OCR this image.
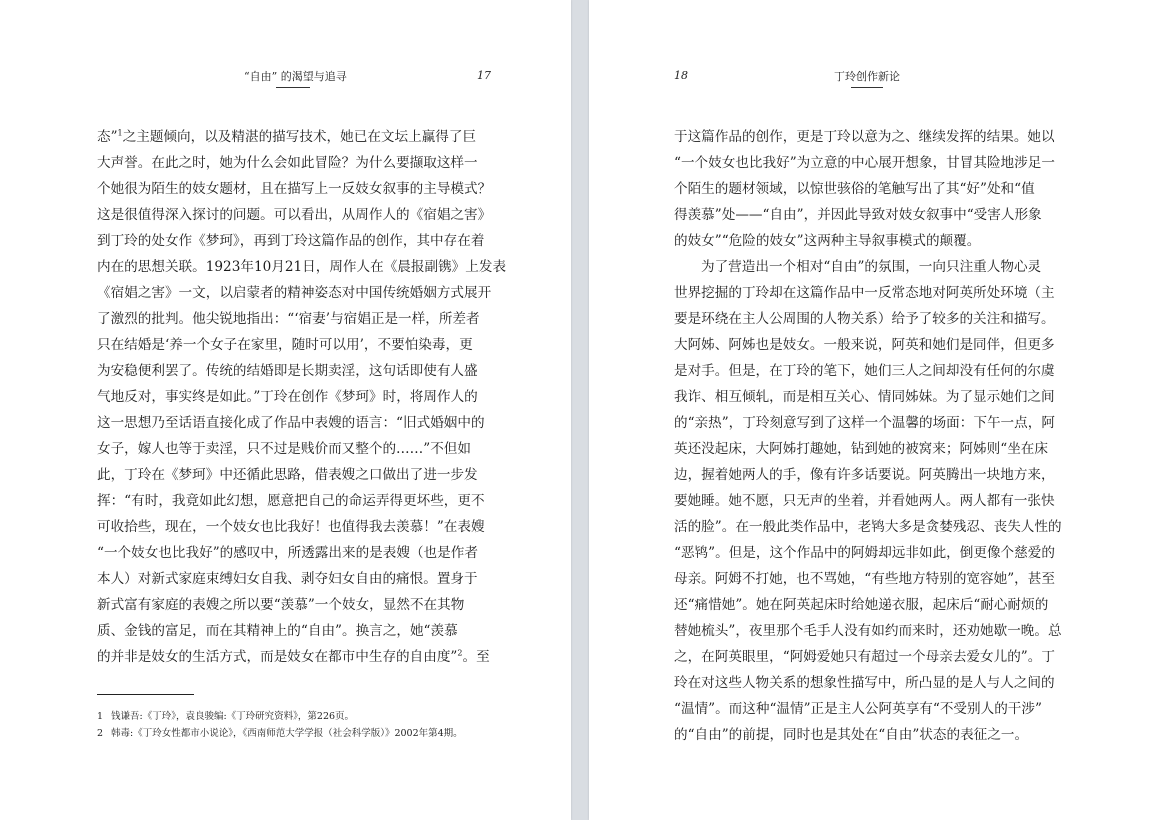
“自由” 的渴望与追寻	17
态”$^1$之主题倾向，以及精湛的描写技术，她已在文坛上赢得了巨
大声誉。在此之时，她为什么会如此冒险？为什么要撷取这样一
个她很为陌生的妓女题材，且在描写上一反妓女叙事的主导模式？
这是很值得深入探讨的问题。可以看出，从周作人的《宿娼之害》
到丁玲的处女作《梦珂》，再到丁玲这篇作品的创作，其中存在着
内在的思想关联。1923年10月21日，周作人在《晨报副镌》上发表
《宿娼之害》一文，以启蒙者的精神姿态对中国传统婚姻方式展开
了激烈的批判。他尖锐地指出：“‘宿妻’与宿娼正是一样，所差者
只在结婚是‘养一个女子在家里，随时可以用’，不要怕染毒，更
为安稳便利罢了。传统的结婚即是长期卖淫，这句话即使有人盛
气地反对，事实终是如此。”丁玲在创作《梦珂》时，将周作人的
这一思想乃至话语直接化成了作品中表嫂的语言：“旧式婚姻中的
女子，嫁人也等于卖淫，只不过是贱价而又整个的……”不但如
此，丁玲在《梦珂》中还循此思路，借表嫂之口做出了进一步发
挥：“有时，我竟如此幻想，愿意把自己的命运弄得更坏些，更不
可收拾些，现在，一个妓女也比我好！也值得我去羡慕！”在表嫂
“一个妓女也比我好”的感叹中，所透露出来的是表嫂（也是作者
本人）对新式家庭束缚妇女自我、剥夺妇女自由的痛恨。置身于
新式富有家庭的表嫂之所以要“羡慕”一个妓女，显然不在其物
质、金钱的富足，而在其精神上的“自由”。换言之，她“羡慕
的并非是妓女的生活方式，而是妓女在都市中生存的自由度”$^2$。至
1 钱谦吾:《丁玲》，袁良骏编:《丁玲研究资料》，第226页。
2 韩毒:《丁玲女性都市小说论》，《西南师范大学学报（社会科学版）》2002年第4期。
18	丁玲创作新论
于这篇作品的创作，更是丁玲以意为之、继续发挥的结果。她以
“一个妓女也比我好”为立意的中心展开想象，甘冒其险地涉足一
个陌生的题材领域，以惊世骇俗的笔触写出了其“好”处和“值
得羡慕”处——“自由”，并因此导致对妓女叙事中“受害人形象
的妓女”“危险的妓女”这两种主导叙事模式的颠覆。
为了营造出一个相对“自由”的氛围，一向只注重人物心灵
世界挖掘的丁玲却在这篇作品中一反常态地对阿英所处环境（主
要是环绕在主人公周围的人物关系）给予了较多的关注和描写。
大阿姊、阿姊也是妓女。一般来说，阿英和她们是同伴，但更多
是对手。但是，在丁玲的笔下，她们三人之间却没有任何的尔虞
我诈、相互倾轧，而是相互关心、情同姊妹。为了显示她们之间
的“亲热”，丁玲刻意写到了这样一个温馨的场面：下午一点，阿
英还没起床，大阿姊打趣她，钻到她的被窝来；阿姊则“坐在床
边，握着她两人的手，像有许多话要说。阿英腾出一块地方来，
要她睡。她不愿，只无声的坐着，并看她两人。两人都有一张快
活的脸”。在一般此类作品中，老鸨大多是贪婪残忍、丧失人性的
“恶鸨”。但是，这个作品中的阿姆却远非如此，倒更像个慈爱的
母亲。阿姆不打她，也不骂她，“有些地方特别的宽容她”，甚至
还“痛惜她”。她在阿英起床时给她递衣服，起床后“耐心耐烦的
替她梳头”，夜里那个毛手人没有如约而来时，还劝她歇一晚。总
之，在阿英眼里，“阿姆爱她只有超过一个母亲去爱女儿的”。丁
玲在对这些人物关系的想象性描写中，所凸显的是人与人之间的
“温情”。而这种“温情”正是主人公阿英享有“不受别人的干涉”
的“自由”的前提，同时也是其处在“自由”状态的表征之一。
